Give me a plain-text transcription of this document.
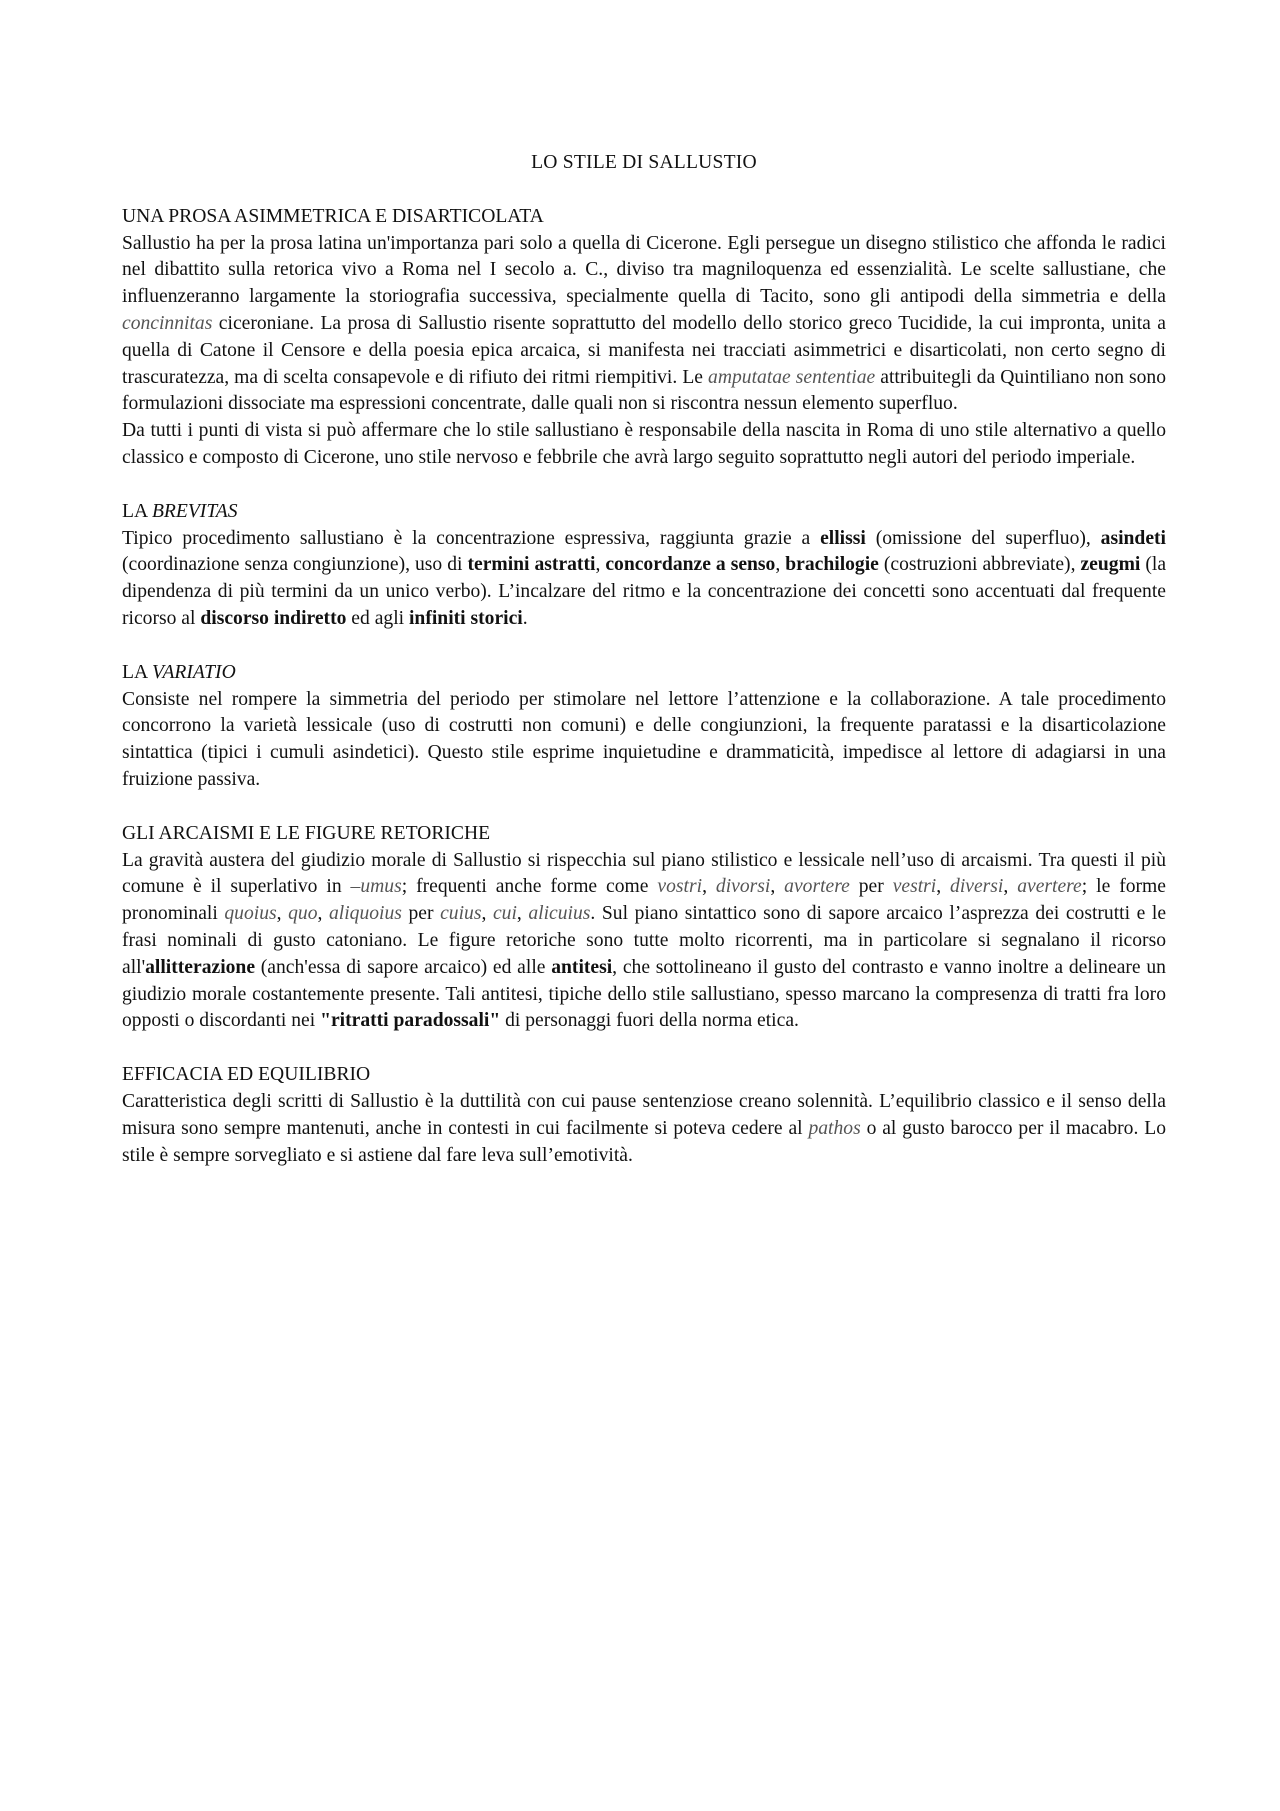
LO STILE DI SALLUSTIO
UNA PROSA ASIMMETRICA E DISARTICOLATA

Sallustio ha per la prosa latina un'importanza pari solo a quella di Cicerone. Egli persegue un disegno stilistico che affonda le radici nel dibattito sulla retorica vivo a Roma nel I secolo a. C., diviso tra magniloquenza ed essenzialità. Le scelte sallustiane, che influenzeranno largamente la storiografia successiva, specialmente quella di Tacito, sono gli antipodi della simmetria e della concinnitas ciceroniane. La prosa di Sallustio risente soprattutto del modello dello storico greco Tucidide, la cui impronta, unita a quella di Catone il Censore e della poesia epica arcaica, si manifesta nei tracciati asimmetrici e disarticolati, non certo segno di trascuratezza, ma di scelta consapevole e di rifiuto dei ritmi riempitivi. Le amputatae sententiae attribuitegli da Quintiliano non sono formulazioni dissociate ma espressioni concentrate, dalle quali non si riscontra nessun elemento superfluo.

Da tutti i punti di vista si può affermare che lo stile sallustiano è responsabile della nascita in Roma di uno stile alternativo a quello classico e composto di Cicerone, uno stile nervoso e febbrile che avrà largo seguito soprattutto negli autori del periodo imperiale.

LA BREVITAS

Tipico procedimento sallustiano è la concentrazione espressiva, raggiunta grazie a ellissi (omissione del superfluo), asindeti (coordinazione senza congiunzione), uso di termini astratti, concordanze a senso, brachilogie (costruzioni abbreviate), zeugmi (la dipendenza di più termini da un unico verbo). L’incalzare del ritmo e la concentrazione dei concetti sono accentuati dal frequente ricorso al discorso indiretto ed agli infiniti storici.

LA VARIATIO

Consiste nel rompere la simmetria del periodo per stimolare nel lettore l’attenzione e la collaborazione. A tale procedimento concorrono la varietà lessicale (uso di costrutti non comuni) e delle congiunzioni, la frequente paratassi e la disarticolazione sintattica (tipici i cumuli asindetici). Questo stile esprime inquietudine e drammaticità, impedisce al lettore di adagiarsi in una fruizione passiva.

GLI ARCAISMI E LE FIGURE RETORICHE

La gravità austera del giudizio morale di Sallustio si rispecchia sul piano stilistico e lessicale nell’uso di arcaismi. Tra questi il più comune è il superlativo in –umus; frequenti anche forme come vostri, divorsi, avortere per vestri, diversi, avertere; le forme pronominali quoius, quo, aliquoius per cuius, cui, alicuius. Sul piano sintattico sono di sapore arcaico l’asprezza dei costrutti e le frasi nominali di gusto catoniano. Le figure retoriche sono tutte molto ricorrenti, ma in particolare si segnalano il ricorso all'allitterazione (anch'essa di sapore arcaico) ed alle antitesi, che sottolineano il gusto del contrasto e vanno inoltre a delineare un giudizio morale costantemente presente. Tali antitesi, tipiche dello stile sallustiano, spesso marcano la compresenza di tratti fra loro opposti o discordanti nei "ritratti paradossali" di personaggi fuori della norma etica.

EFFICACIA ED EQUILIBRIO

Caratteristica degli scritti di Sallustio è la duttilità con cui pause sentenziose creano solennità. L’equilibrio classico e il senso della misura sono sempre mantenuti, anche in contesti in cui facilmente si poteva cedere al pathos o al gusto barocco per il macabro. Lo stile è sempre sorvegliato e si astiene dal fare leva sull’emotività.
